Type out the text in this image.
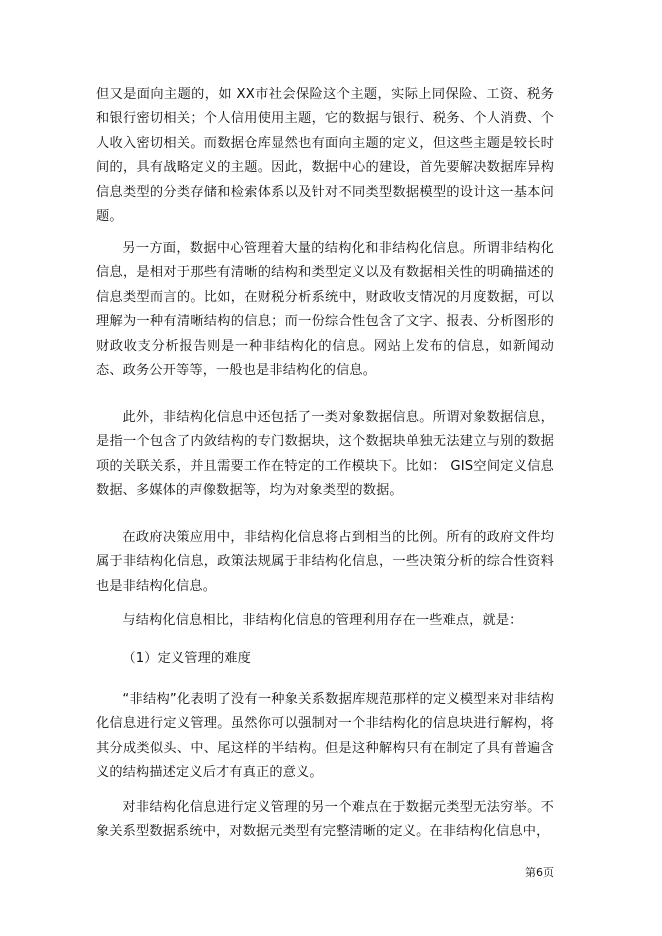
但又是面向主题的，如 XX市社会保险这个主题，实际上同保险、工资、税务和银行密切相关；个人信用使用主题，它的数据与银行、税务、个人消费、个人收入密切相关。而数据仓库显然也有面向主题的定义，但这些主题是较长时间的，具有战略定义的主题。因此，数据中心的建设，首先要解决数据库异构信息类型的分类存储和检索体系以及针对不同类型数据模型的设计这一基本问题。

另一方面，数据中心管理着大量的结构化和非结构化信息。所谓非结构化信息，是相对于那些有清晰的结构和类型定义以及有数据相关性的明确描述的信息类型而言的。比如，在财税分析系统中，财政收支情况的月度数据，可以理解为一种有清晰结构的信息；而一份综合性包含了文字、报表、分析图形的财政收支分析报告则是一种非结构化的信息。网站上发布的信息，如新闻动态、政务公开等等，一般也是非结构化的信息。

此外，非结构化信息中还包括了一类对象数据信息。所谓对象数据信息，是指一个包含了内敛结构的专门数据块，这个数据块单独无法建立与别的数据项的关联关系，并且需要工作在特定的工作模块下。比如： GIS空间定义信息数据、多媒体的声像数据等，均为对象类型的数据。

在政府决策应用中，非结构化信息将占到相当的比例。所有的政府文件均属于非结构化信息，政策法规属于非结构化信息，一些决策分析的综合性资料也是非结构化信息。

与结构化信息相比，非结构化信息的管理利用存在一些难点，就是：

（1）定义管理的难度

“非结构”化表明了没有一种象关系数据库规范那样的定义模型来对非结构化信息进行定义管理。虽然你可以强制对一个非结构化的信息块进行解构，将其分成类似头、中、尾这样的半结构。但是这种解构只有在制定了具有普遍含义的结构描述定义后才有真正的意义。

对非结构化信息进行定义管理的另一个难点在于数据元类型无法穷举。不象关系型数据系统中，对数据元类型有完整清晰的定义。在非结构化信息中，

第6页
